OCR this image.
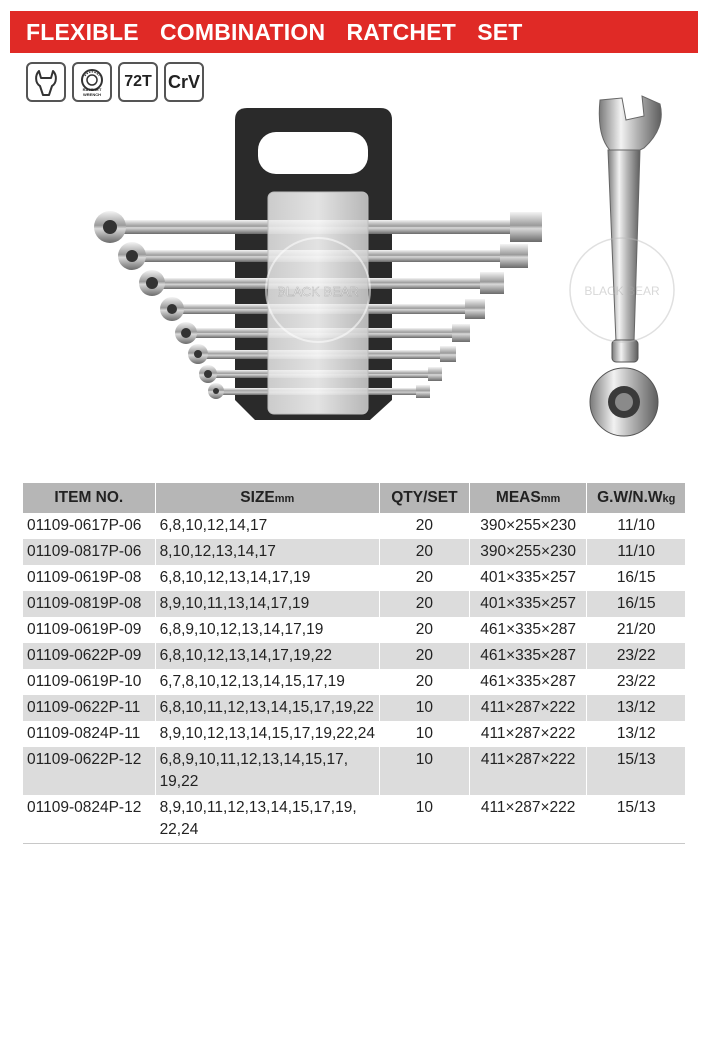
FLEXIBLE  COMBINATION  RATCHET  SET
RATCHET WRENCH
72T CrV
BLACK BEAR	BLACK BEAR
ITEM NO.	SIZEmm	QTY/SET	MEASmm	G.W/N.Wkg
01109-0617P-06	6,8,10,12,14,17	20	390×255×230	11/10
01109-0817P-06	8,10,12,13,14,17	20	390×255×230	11/10
01109-0619P-08	6,8,10,12,13,14,17,19	20	401×335×257	16/15
01109-0819P-08	8,9,10,11,13,14,17,19	20	401×335×257	16/15
01109-0619P-09	6,8,9,10,12,13,14,17,19	20	461×335×287	21/20
01109-0622P-09	6,8,10,12,13,14,17,19,22	20	461×335×287	23/22
01109-0619P-10	6,7,8,10,12,13,14,15,17,19	20	461×335×287	23/22
01109-0622P-11	6,8,10,11,12,13,14,15,17,19,22	10	411×287×222	13/12
01109-0824P-11	8,9,10,12,13,14,15,17,19,22,24	10	411×287×222	13/12
01109-0622P-12	6,8,9,10,11,12,13,14,15,17, 19,22	10	411×287×222	15/13
01109-0824P-12	8,9,10,11,12,13,14,15,17,19, 22,24	10	411×287×222	15/13
